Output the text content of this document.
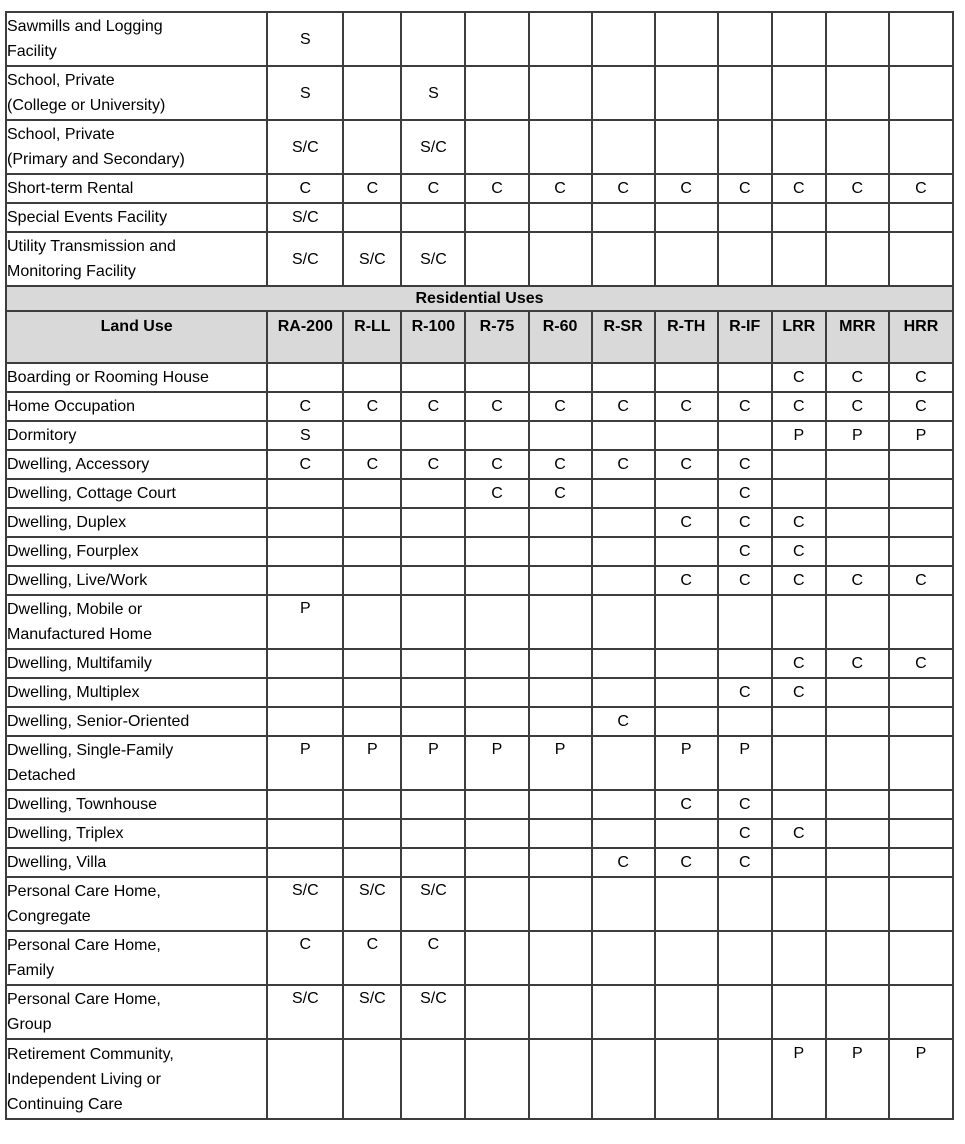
Sawmills and Logging
Facility	S										

School, Private
(College or University)	S		S								

School, Private
(Primary and Secondary)	S/C		S/C								

Short-term Rental	C	C	C	C	C	C	C	C	C	C	C

Special Events Facility	S/C										

Utility Transmission and
Monitoring Facility	S/C	S/C	S/C								
Residential Uses											
Land Use	RA-200	R-LL	R-100	R-75	R-60	R-SR	R-TH	R-IF	LRR	MRR	HRR

Boarding or Rooming House									C	C	C

Home Occupation	C	C	C	C	C	C	C	C	C	C	C

Dormitory	S								P	P	P

Dwelling, Accessory	C	C	C	C	C	C	C	C			

Dwelling, Cottage Court				C	C			C			

Dwelling, Duplex							C	C	C		

Dwelling, Fourplex								C	C		

Dwelling, Live/Work							C	C	C	C	C

Dwelling, Mobile or
Manufactured Home	P										

Dwelling, Multifamily									C	C	C

Dwelling, Multiplex								C	C		

Dwelling, Senior-Oriented						C					

Dwelling, Single-Family
Detached	P	P	P	P	P		P	P			

Dwelling, Townhouse							C	C			

Dwelling, Triplex								C	C		

Dwelling, Villa						C	C	C			

Personal Care Home,
Congregate	S/C	S/C	S/C								

Personal Care Home,
Family	C	C	C								

Personal Care Home,
Group	S/C	S/C	S/C								

Retirement Community,
Independent Living or
Continuing Care									P	P	P
